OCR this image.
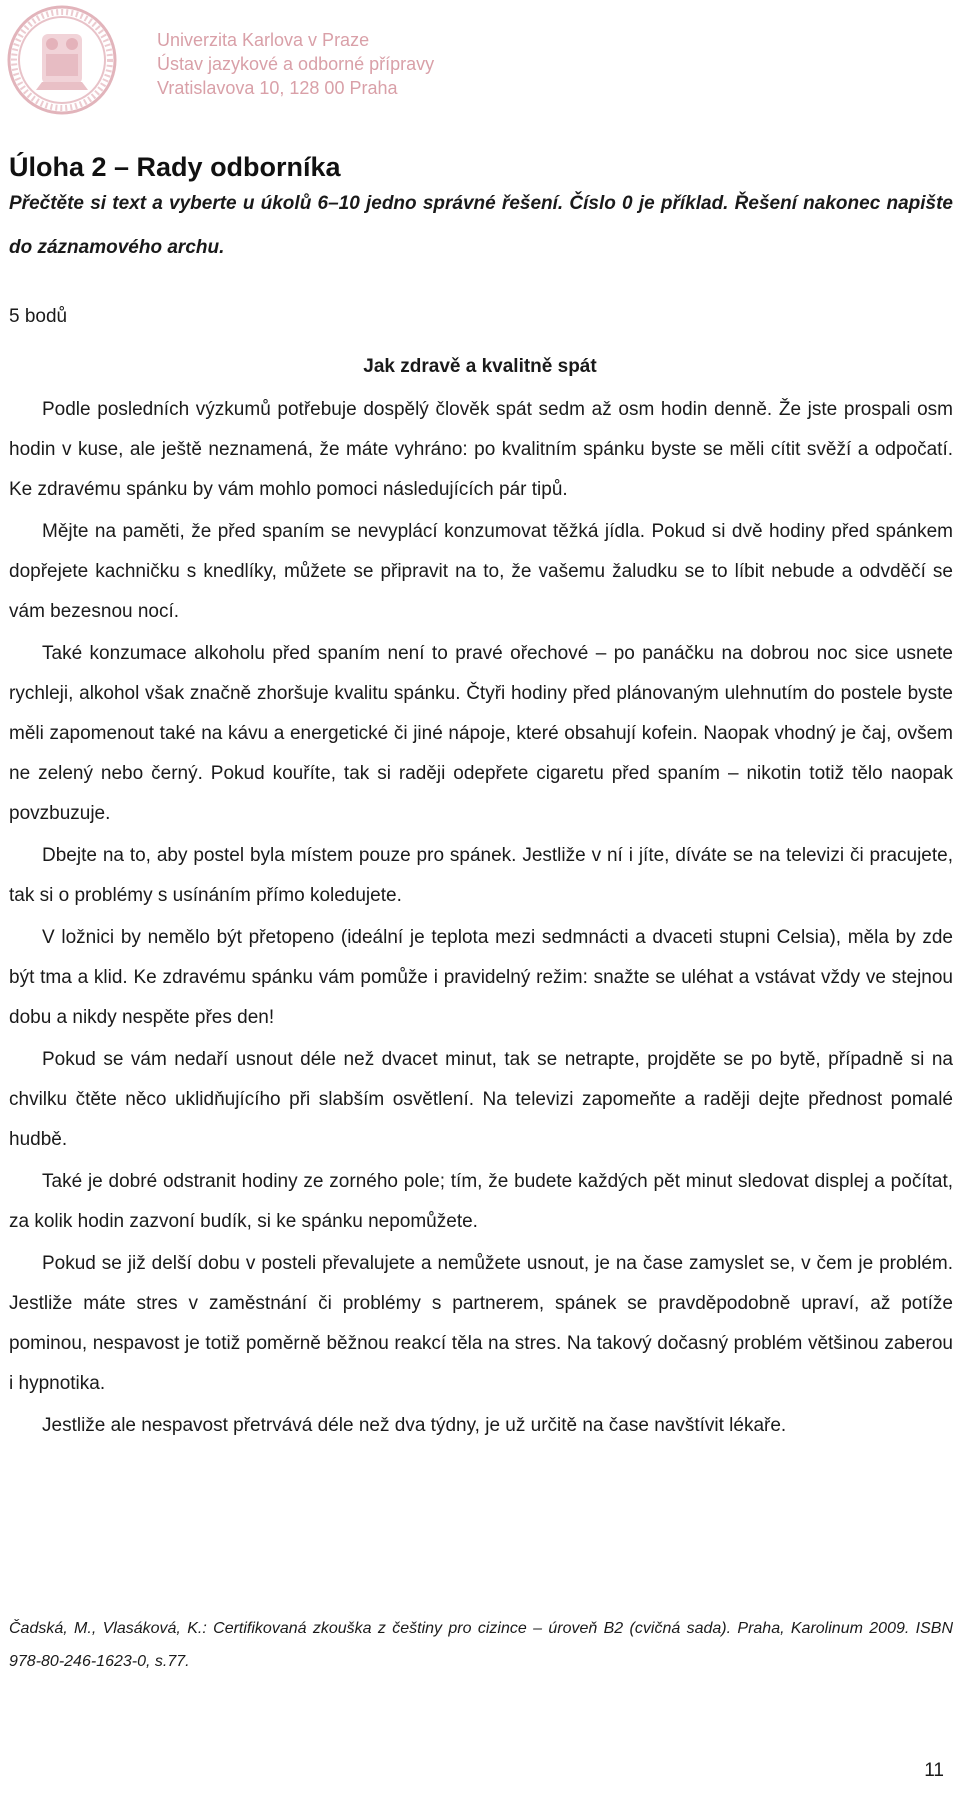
Univerzita Karlova v Praze
Ústav jazykové a odborné přípravy
Vratislavova 10, 128 00 Praha
Úloha 2 – Rady odborníka
Přečtěte si text a vyberte u úkolů 6–10 jedno správné řešení. Číslo 0 je příklad. Řešení nakonec napište do záznamového archu.
5 bodů
Jak zdravě a kvalitně spát

Podle posledních výzkumů potřebuje dospělý člověk spát sedm až osm hodin denně. Že jste prospali osm hodin v kuse, ale ještě neznamená, že máte vyhráno: po kvalitním spánku byste se měli cítit svěží a odpočatí. Ke zdravému spánku by vám mohlo pomoci následujících pár tipů.

Mějte na paměti, že před spaním se nevyplácí konzumovat těžká jídla. Pokud si dvě hodiny před spánkem dopřejete kachničku s knedlíky, můžete se připravit na to, že vašemu žaludku se to líbit nebude a odvděčí se vám bezesnou nocí.

Také konzumace alkoholu před spaním není to pravé ořechové – po panáčku na dobrou noc sice usnete rychleji, alkohol však značně zhoršuje kvalitu spánku. Čtyři hodiny před plánovaným ulehnutím do postele byste měli zapomenout také na kávu a energetické či jiné nápoje, které obsahují kofein. Naopak vhodný je čaj, ovšem ne zelený nebo černý. Pokud kouříte, tak si raději odepřete cigaretu před spaním – nikotin totiž tělo naopak povzbuzuje.

Dbejte na to, aby postel byla místem pouze pro spánek. Jestliže v ní i jíte, díváte se na televizi či pracujete, tak si o problémy s usínáním přímo koledujete.

V ložnici by nemělo být přetopeno (ideální je teplota mezi sedmnácti a dvaceti stupni Celsia), měla by zde být tma a klid. Ke zdravému spánku vám pomůže i pravidelný režim: snažte se uléhat a vstávat vždy ve stejnou dobu a nikdy nespěte přes den!

Pokud se vám nedaří usnout déle než dvacet minut, tak se netrapte, projděte se po bytě, případně si na chvilku čtěte něco uklidňujícího při slabším osvětlení. Na televizi zapomeňte a raději dejte přednost pomalé hudbě.

Také je dobré odstranit hodiny ze zorného pole; tím, že budete každých pět minut sledovat displej a počítat, za kolik hodin zazvoní budík, si ke spánku nepomůžete.

Pokud se již delší dobu v posteli převalujete a nemůžete usnout, je na čase zamyslet se, v čem je problém. Jestliže máte stres v zaměstnání či problémy s partnerem, spánek se pravděpodobně upraví, až potíže pominou, nespavost je totiž poměrně běžnou reakcí těla na stres. Na takový dočasný problém většinou zaberou i hypnotika.

Jestliže ale nespavost přetrvává déle než dva týdny, je už určitě na čase navštívit lékaře.

Čadská, M., Vlasáková, K.: Certifikovaná zkouška z češtiny pro cizince – úroveň B2 (cvičná sada). Praha, Karolinum 2009. ISBN 978-80-246-1623-0, s.77.
11
